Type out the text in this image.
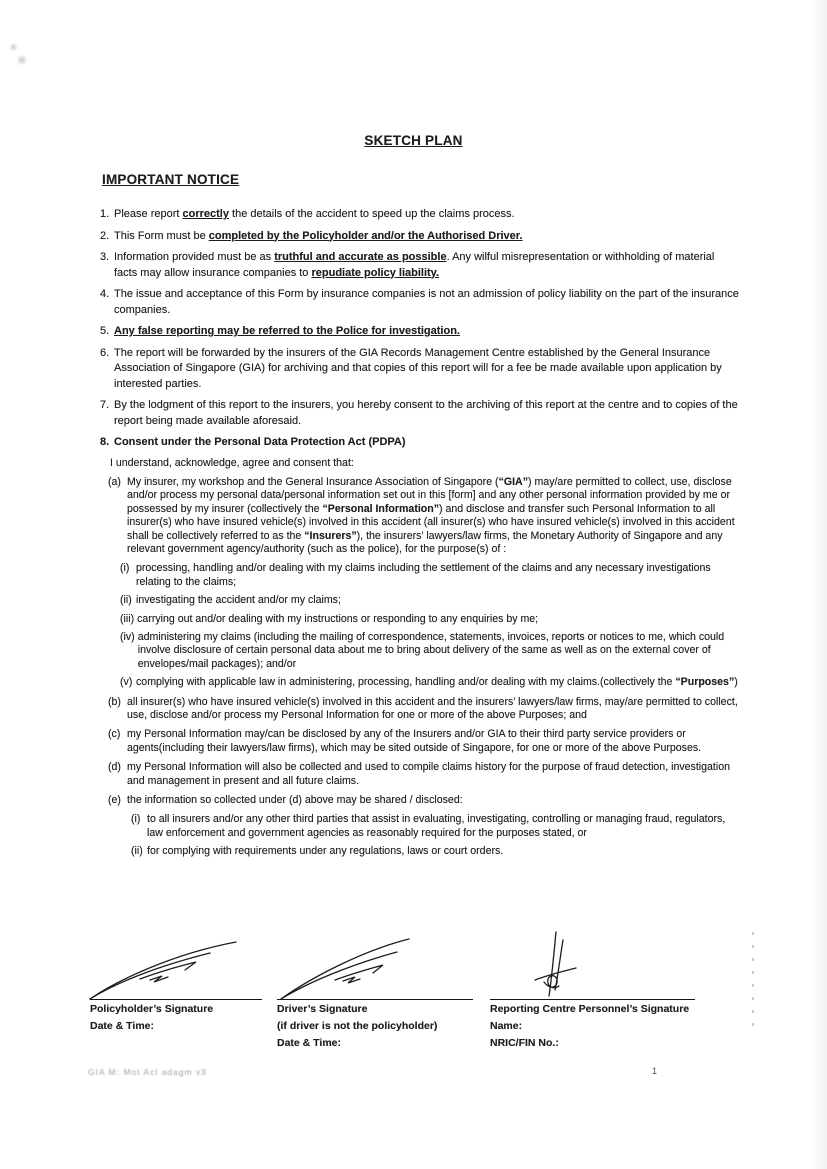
SKETCH PLAN
IMPORTANT NOTICE
1. Please report correctly the details of the accident to speed up the claims process.
2. This Form must be completed by the Policyholder and/or the Authorised Driver.
3. Information provided must be as truthful and accurate as possible. Any wilful misrepresentation or withholding of material facts may allow insurance companies to repudiate policy liability.
4. The issue and acceptance of this Form by insurance companies is not an admission of policy liability on the part of the insurance companies.
5. Any false reporting may be referred to the Police for investigation.
6. The report will be forwarded by the insurers of the GIA Records Management Centre established by the General Insurance Association of Singapore (GIA) for archiving and that copies of this report will for a fee be made available upon application by interested parties.
7. By the lodgment of this report to the insurers, you hereby consent to the archiving of this report at the centre and to copies of the report being made available aforesaid.
8. Consent under the Personal Data Protection Act (PDPA)
I understand, acknowledge, agree and consent that:
(a) My insurer, my workshop and the General Insurance Association of Singapore (“GIA”) may/are permitted to collect, use, disclose and/or process my personal data/personal information set out in this [form] and any other personal information provided by me or possessed by my insurer (collectively the “Personal Information”) and disclose and transfer such Personal Information to all insurer(s) who have insured vehicle(s) involved in this accident (all insurer(s) who have insured vehicle(s) involved in this accident shall be collectively referred to as the “Insurers”), the insurers’ lawyers/law firms, the Monetary Authority of Singapore and any relevant government agency/authority (such as the police), for the purpose(s) of :
(i) processing, handling and/or dealing with my claims including the settlement of the claims and any necessary investigations relating to the claims;
(ii) investigating the accident and/or my claims;
(iii) carrying out and/or dealing with my instructions or responding to any enquiries by me;
(iv) administering my claims (including the mailing of correspondence, statements, invoices, reports or notices to me, which could involve disclosure of certain personal data about me to bring about delivery of the same as well as on the external cover of envelopes/mail packages); and/or
(v) complying with applicable law in administering, processing, handling and/or dealing with my claims.(collectively the “Purposes”)
(b) all insurer(s) who have insured vehicle(s) involved in this accident and the insurers’ lawyers/law firms, may/are permitted to collect, use, disclose and/or process my Personal Information for one or more of the above Purposes; and
(c) my Personal Information may/can be disclosed by any of the Insurers and/or GIA to their third party service providers or agents(including their lawyers/law firms), which may be sited outside of Singapore, for one or more of the above Purposes.
(d) my Personal Information will also be collected and used to compile claims history for the purpose of fraud detection, investigation and management in present and all future claims.
(e) the information so collected under (d) above may be shared / disclosed:
(i) to all insurers and/or any other third parties that assist in evaluating, investigating, controlling or managing fraud, regulators, law enforcement and government agencies as reasonably required for the purposes stated, or
(ii) for complying with requirements under any regulations, laws or court orders.
Policyholder’s Signature
Date & Time:
Driver’s Signature
(if driver is not the policyholder)
Date & Time:
Reporting Centre Personnel’s Signature
Name:
NRIC/FIN No.:
GIA M: Mot Acl adagm v3	1
